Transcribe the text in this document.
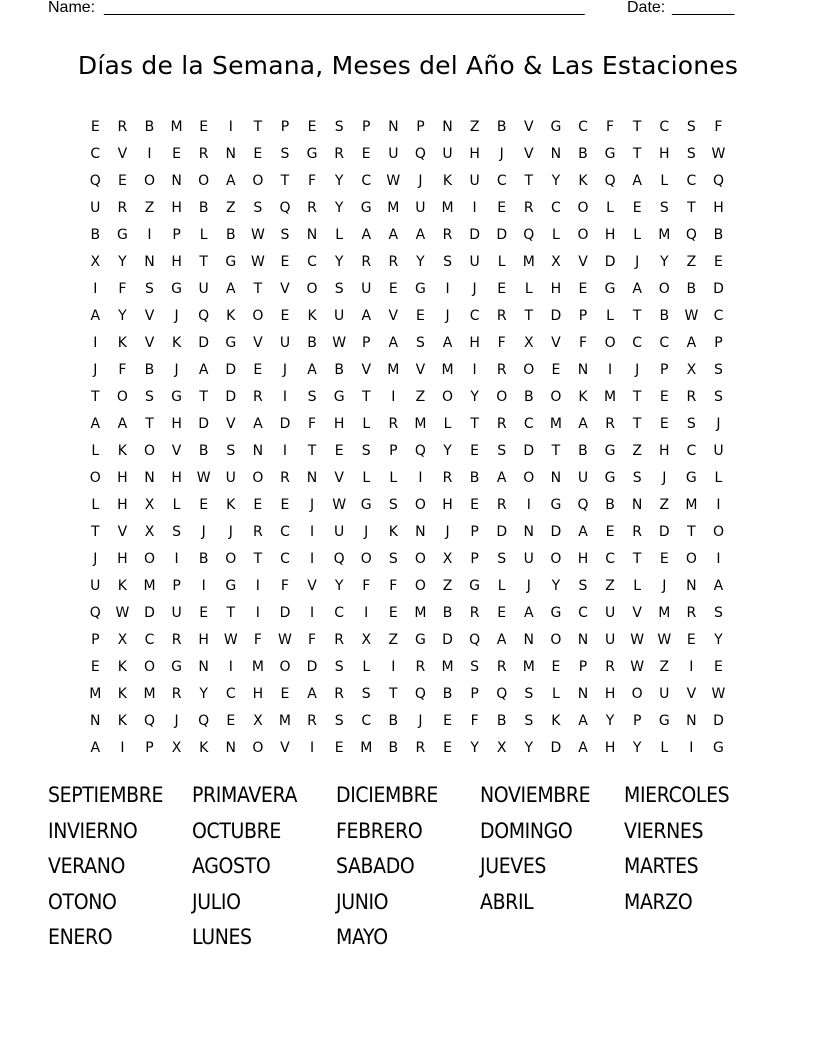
Name: ______________________________________________________	Date: _______
Días de la Semana, Meses del Año & Las Estaciones
E	R	B	M	E	I	T	P	E	S	P	N	P	N	Z	B	V	G	C	F	T	C	S	F
C	V	I	E	R	N	E	S	G	R	E	U	Q	U	H	J	V	N	B	G	T	H	S	W
Q	E	O	N	O	A	O	T	F	Y	C	W	J	K	U	C	T	Y	K	Q	A	L	C	Q
U	R	Z	H	B	Z	S	Q	R	Y	G	M	U	M	I	E	R	C	O	L	E	S	T	H
B	G	I	P	L	B	W	S	N	L	A	A	A	R	D	D	Q	L	O	H	L	M	Q	B
X	Y	N	H	T	G	W	E	C	Y	R	R	Y	S	U	L	M	X	V	D	J	Y	Z	E
I	F	S	G	U	A	T	V	O	S	U	E	G	I	J	E	L	H	E	G	A	O	B	D
A	Y	V	J	Q	K	O	E	K	U	A	V	E	J	C	R	T	D	P	L	T	B	W	C
I	K	V	K	D	G	V	U	B	W	P	A	S	A	H	F	X	V	F	O	C	C	A	P
J	F	B	J	A	D	E	J	A	B	V	M	V	M	I	R	O	E	N	I	J	P	X	S
T	O	S	G	T	D	R	I	S	G	T	I	Z	O	Y	O	B	O	K	M	T	E	R	S
A	A	T	H	D	V	A	D	F	H	L	R	M	L	T	R	C	M	A	R	T	E	S	J
L	K	O	V	B	S	N	I	T	E	S	P	Q	Y	E	S	D	T	B	G	Z	H	C	U
O	H	N	H	W	U	O	R	N	V	L	L	I	R	B	A	O	N	U	G	S	J	G	L
L	H	X	L	E	K	E	E	J	W	G	S	O	H	E	R	I	G	Q	B	N	Z	M	I
T	V	X	S	J	J	R	C	I	U	J	K	N	J	P	D	N	D	A	E	R	D	T	O
J	H	O	I	B	O	T	C	I	Q	O	S	O	X	P	S	U	O	H	C	T	E	O	I
U	K	M	P	I	G	I	F	V	Y	F	F	O	Z	G	L	J	Y	S	Z	L	J	N	A
Q	W	D	U	E	T	I	D	I	C	I	E	M	B	R	E	A	G	C	U	V	M	R	S
P	X	C	R	H	W	F	W	F	R	X	Z	G	D	Q	A	N	O	N	U	W W	E	Y
E	K	O	G	N	I	M	O	D	S	L	I	R	M	S	R	M	E	P	R	W	Z	I	E
M	K	M	R	Y	C	H	E	A	R	S	T	Q	B	P	Q	S	L	N	H	O	U	V	W
N	K	Q	J	Q	E	X	M	R	S	C	B	J	E	F	B	S	K	A	Y	P	G	N	D
A	I	P	X	K	N	O	V	I	E	M	B	R	E	Y	X	Y	D	A	H	Y	L	I	G
SEPTIEMBRE	PRIMAVERA	DICIEMBRE	NOVIEMBRE	MIERCOLES
INVIERNO	OCTUBRE	FEBRERO	DOMINGO	VIERNES
VERANO	AGOSTO	SABADO	JUEVES	MARTES
OTONO	JULIO	JUNIO	ABRIL	MARZO
ENERO	LUNES	MAYO
